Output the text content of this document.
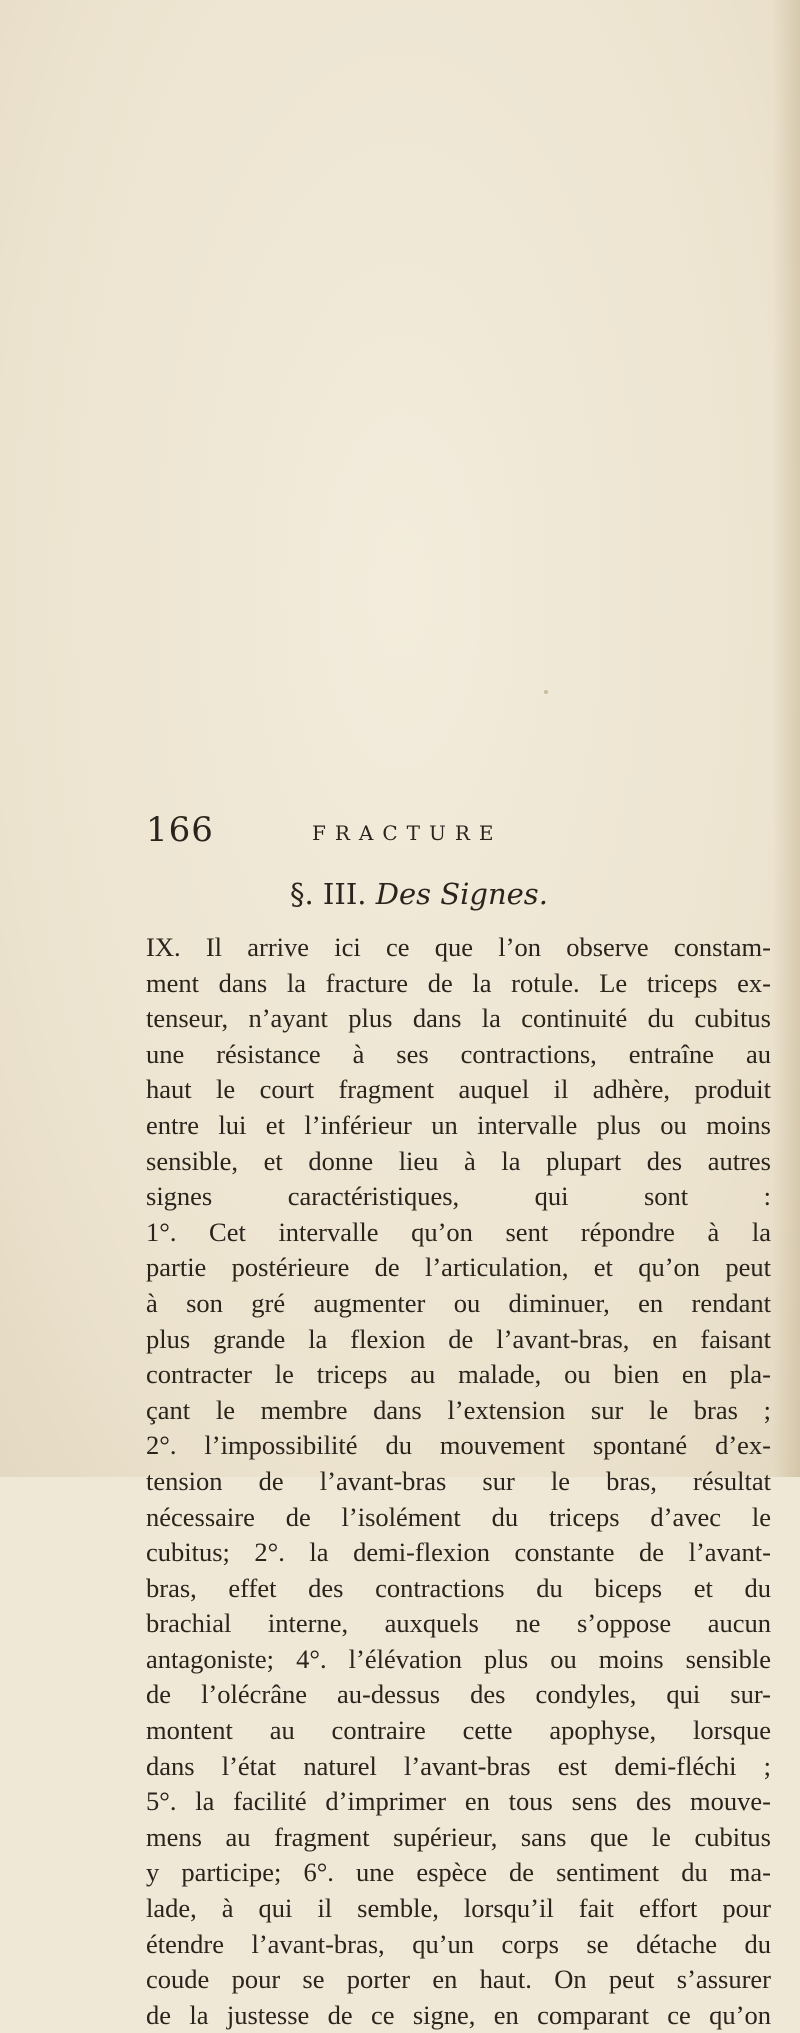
166	FRACTURE
§. III. Des Signes.
IX. Il arrive ici ce que l’on observe constam-
ment dans la fracture de la rotule. Le triceps ex-
tenseur, n’ayant plus dans la continuité du cubitus
une résistance à ses contractions, entraîne au
haut le court fragment auquel il adhère, produit
entre lui et l’inférieur un intervalle plus ou moins
sensible, et donne lieu à la plupart des autres
signes caractéristiques, qui sont :
1°. Cet intervalle qu’on sent répondre à la
partie postérieure de l’articulation, et qu’on peut
à son gré augmenter ou diminuer, en rendant
plus grande la flexion de l’avant-bras, en faisant
contracter le triceps au malade, ou bien en pla-
çant le membre dans l’extension sur le bras ;
2°. l’impossibilité du mouvement spontané d’ex-
tension de l’avant-bras sur le bras, résultat
nécessaire de l’isolément du triceps d’avec le
cubitus; 2°. la demi-flexion constante de l’avant-
bras, effet des contractions du biceps et du
brachial interne, auxquels ne s’oppose aucun
antagoniste; 4°. l’élévation plus ou moins sensible
de l’olécrâne au-dessus des condyles, qui sur-
montent au contraire cette apophyse, lorsque
dans l’état naturel l’avant-bras est demi-fléchi ;
5°. la facilité d’imprimer en tous sens des mouve-
mens au fragment supérieur, sans que le cubitus
y participe; 6°. une espèce de sentiment du ma-
lade, à qui il semble, lorsqu’il fait effort pour
étendre l’avant-bras, qu’un corps se détache du
coude pour se porter en haut. On peut s’assurer
de la justesse de ce signe, en comparant ce qu’on
